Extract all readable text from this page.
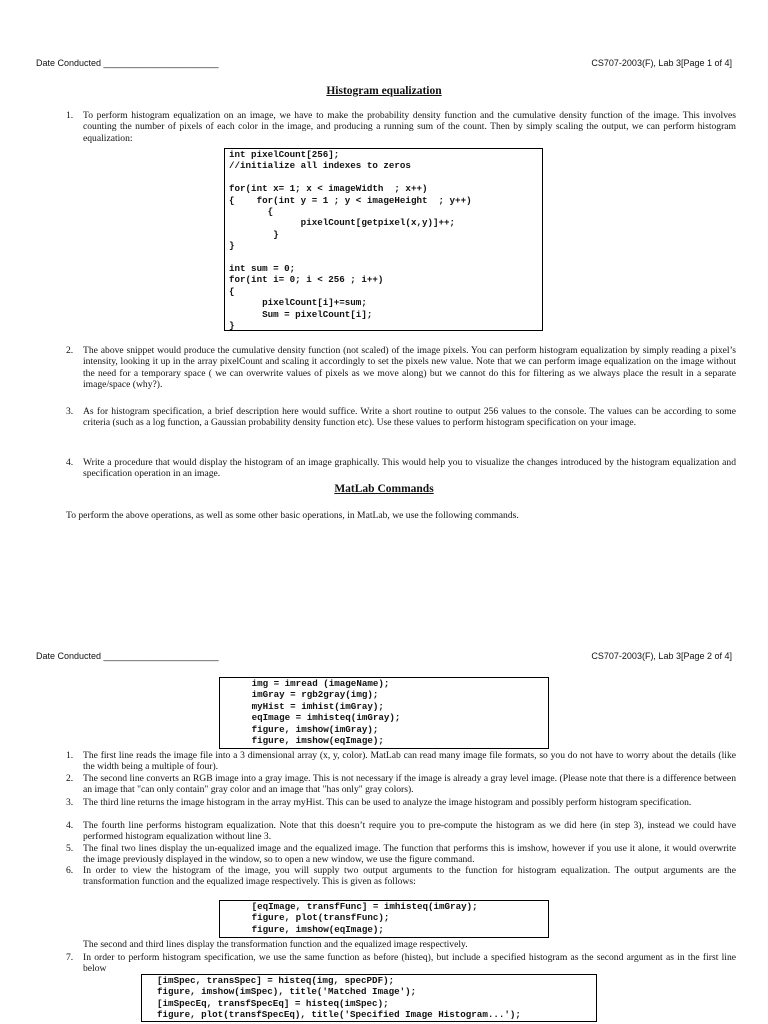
Date Conducted _______________________	CS707-2003(F), Lab 3[Page 1 of 4]
Histogram equalization
1.	To perform histogram equalization on an image, we have to make the probability density function and the cumulative density function of the image. This involves counting the number of pixels of each color in the image, and producing a running sum of the count. Then by simply scaling the output, we can perform histogram equalization:
int pixelCount[256];
//initialize all indexes to zeros

for(int x= 1; x < imageWidth  ; x++)
{    for(int y = 1 ; y < imageHeight  ; y++)
{
pixelCount[getpixel(x,y)]++;
}
}

int sum = 0;
for(int i= 0; i < 256 ; i++)
{
pixelCount[i]+=sum;
Sum = pixelCount[i];
}
2.	The above snippet would produce the cumulative density function (not scaled) of the image pixels. You can perform histogram equalization by simply reading a pixel’s intensity, looking it up in the array pixelCount and scaling it accordingly to set the pixels new value. Note that we can perform image equalization on the image without the need for a temporary space ( we can overwrite values of pixels as we move along) but we cannot do this for filtering as we always place the result in a separate image/space (why?).
3.	As for histogram specification, a brief description here would suffice. Write a short routine to output 256 values to the console. The values can be according to some criteria (such as a log function, a Gaussian probability density function etc). Use these values to perform histogram specification on your image.
4.	Write a procedure that would display the histogram of an image graphically. This would help you to visualize the changes introduced by the histogram equalization and specification operation in an image.
MatLab Commands
To perform the above operations, as well as some other basic operations, in MatLab, we use the following commands.
Date Conducted _______________________	CS707-2003(F), Lab 3[Page 2 of 4]
img = imread (imageName);
imGray = rgb2gray(img);
myHist = imhist(imGray);
eqImage = imhisteq(imGray);
figure, imshow(imGray);
figure, imshow(eqImage);
1.	The first line reads the image file into a 3 dimensional array (x, y, color). MatLab can read many image file formats, so you do not have to worry about the details (like the width being a multiple of four).
2.	The second line converts an RGB image into a gray image. This is not necessary if the image is already a gray level image. (Please note that there is a difference between an image that "can only contain" gray color and an image that "has only" gray colors).
3.	The third line returns the image histogram in the array myHist. This can be used to analyze the image histogram and possibly perform histogram specification.
4.	The fourth line performs histogram equalization. Note that this doesn’t require you to pre-compute the histogram as we did here (in step 3), instead we could have performed histogram equalization without line 3.
5.	The final two lines display the un-equalized image and the equalized image. The function that performs this is imshow, however if you use it alone, it would overwrite the image previously displayed in the window, so to open a new window, we use the figure command.
6.	In order to view the histogram of the image, you will supply two output arguments to the function for histogram equalization. The output arguments are the transformation function and the equalized image respectively. This is given as follows:
[eqImage, transfFunc] = imhisteq(imGray);
figure, plot(transfFunc);
figure, imshow(eqImage);
The second and third lines display the transformation function and the equalized image respectively.
7.	In order to perform histogram specification, we use the same function as before (histeq), but include a specified histogram as the second argument as in the first line below
[imSpec, transSpec] = histeq(img, specPDF);
figure, imshow(imSpec), title('Matched Image');
[imSpecEq, transfSpecEq] = histeq(imSpec);
figure, plot(transfSpecEq), title('Specified Image Histogram...');
